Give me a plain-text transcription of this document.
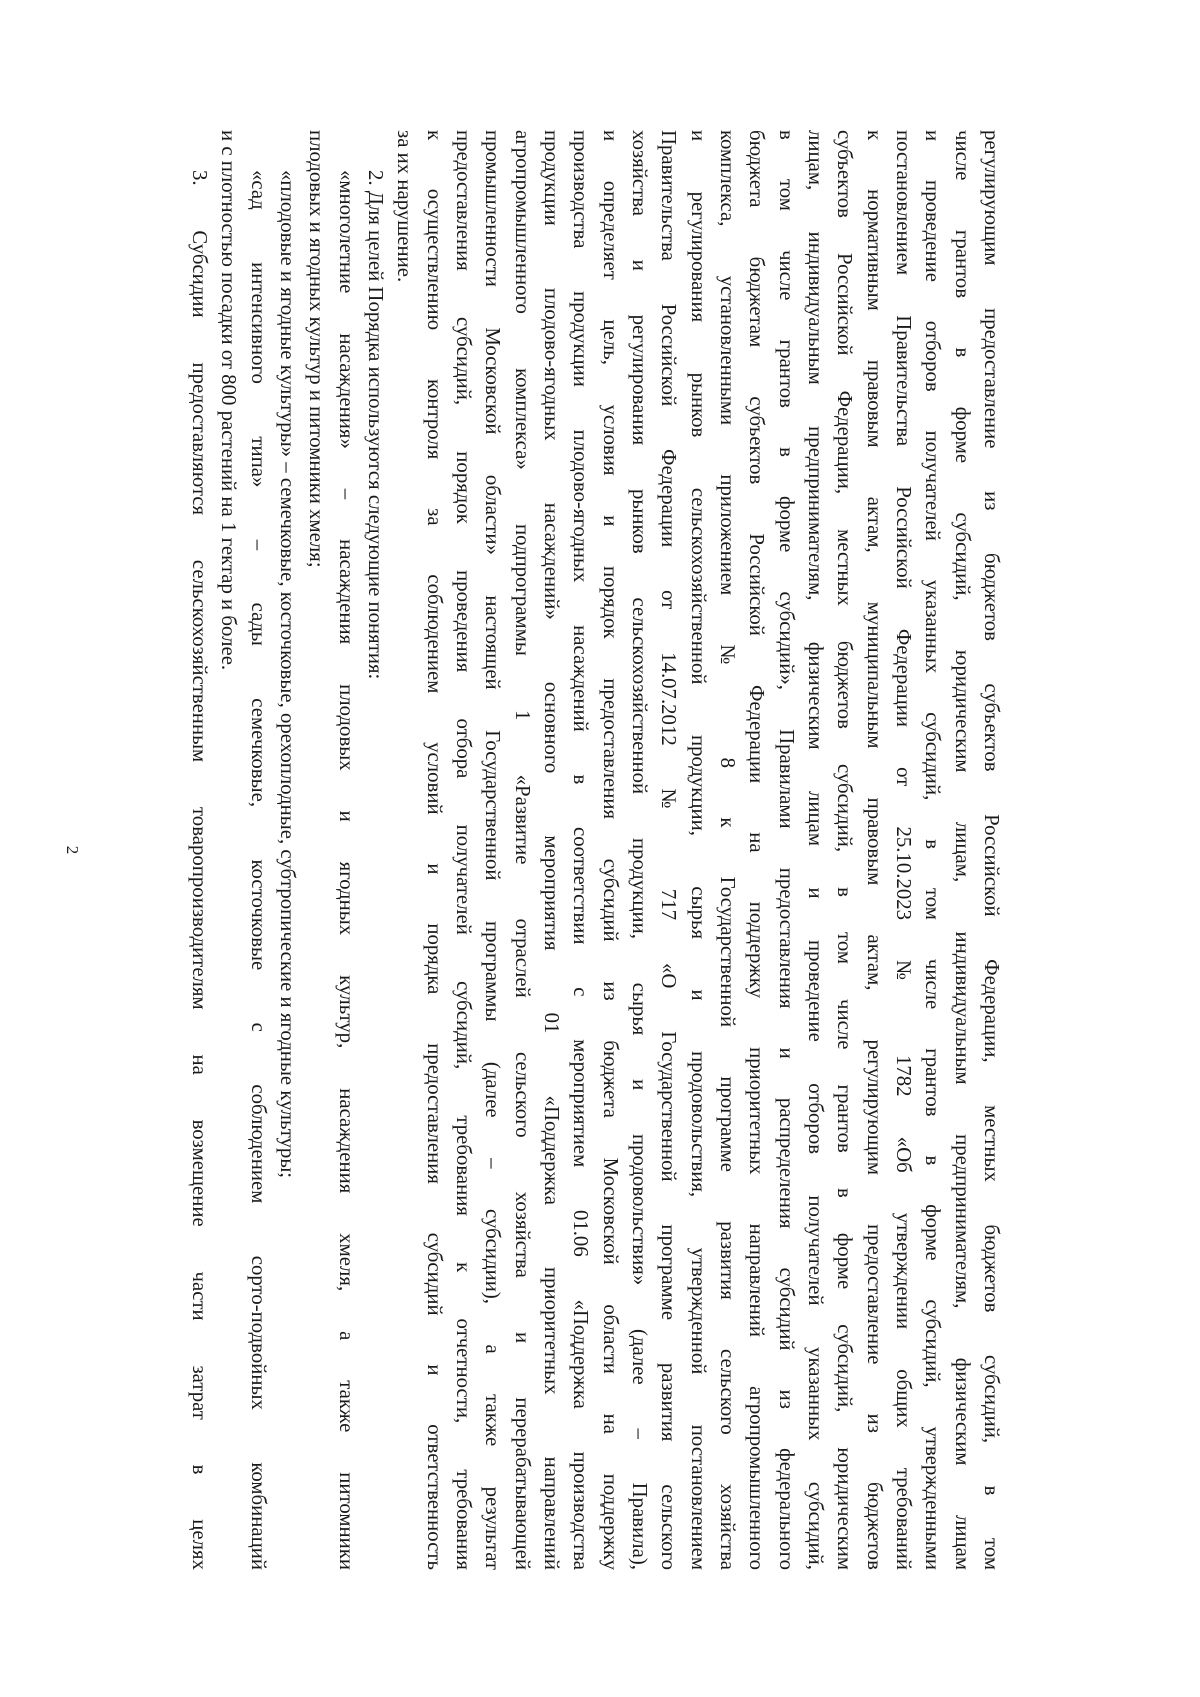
2	регулирующим предоставление из бюджетов субъектов Российской Федерации, местных бюджетов субсидий, в том
числе грантов в форме субсидий, юридическим лицам, индивидуальным предпринимателям, физическим лицам
и проведение отборов получателей указанных субсидий, в том числе грантов в форме субсидий, утвержденными
постановлением Правительства Российской Федерации от 25.10.2023 № 1782 «Об утверждении общих требований
к нормативным правовым актам, муниципальным правовым актам, регулирующим предоставление из бюджетов
субъектов Российской Федерации, местных бюджетов субсидий, в том числе грантов в форме субсидий, юридическим
лицам, индивидуальным предпринимателям, физическим лицам и проведение отборов получателей указанных субсидий,
в том числе грантов в форме субсидий», Правилами предоставления и распределения субсидий из федерального
бюджета бюджетам субъектов Российской Федерации на поддержку приоритетных направлений агропромышленного
комплекса, установленными приложением № 8 к Государственной программе развития сельского хозяйства
и регулирования рынков сельскохозяйственной продукции, сырья и продовольствия, утвержденной постановлением
Правительства Российской Федерации от 14.07.2012 № 717 «О Государственной программе развития сельского
хозяйства и регулирования рынков сельскохозяйственной продукции, сырья и продовольствия» (далее – Правила),
и определяет цель, условия и порядок предоставления субсидий из бюджета Московской области на поддержку
производства продукции плодово-ягодных насаждений в соответствии с мероприятием 01.06 «Поддержка производства
продукции плодово-ягодных насаждений» основного мероприятия 01 «Поддержка приоритетных направлений
агропромышленного комплекса» подпрограммы 1 «Развитие отраслей сельского хозяйства и перерабатывающей
промышленности Московской области» настоящей Государственной программы (далее – субсидии), а также результат
предоставления субсидий, порядок проведения отбора получателей субсидий, требования к отчетности, требования
к осуществлению контроля за соблюдением условий и порядка предоставления субсидий и ответственность
за их нарушение.
2. Для целей Порядка используются следующие понятия:
«многолетние насаждения» – насаждения плодовых и ягодных культур, насаждения хмеля, а также питомники
плодовых и ягодных культур и питомники хмеля;
«плодовые и ягодные культуры» – семечковые, косточковые, орехоплодные, субтропические и ягодные культуры;
«сад интенсивного типа» – сады семечковые, косточковые с соблюдением сорто-подвойных комбинаций
и с плотностью посадки от 800 растений на 1 гектар и более.
3. Субсидии предоставляются сельскохозяйственным товаропроизводителям на возмещение части затрат в целях
